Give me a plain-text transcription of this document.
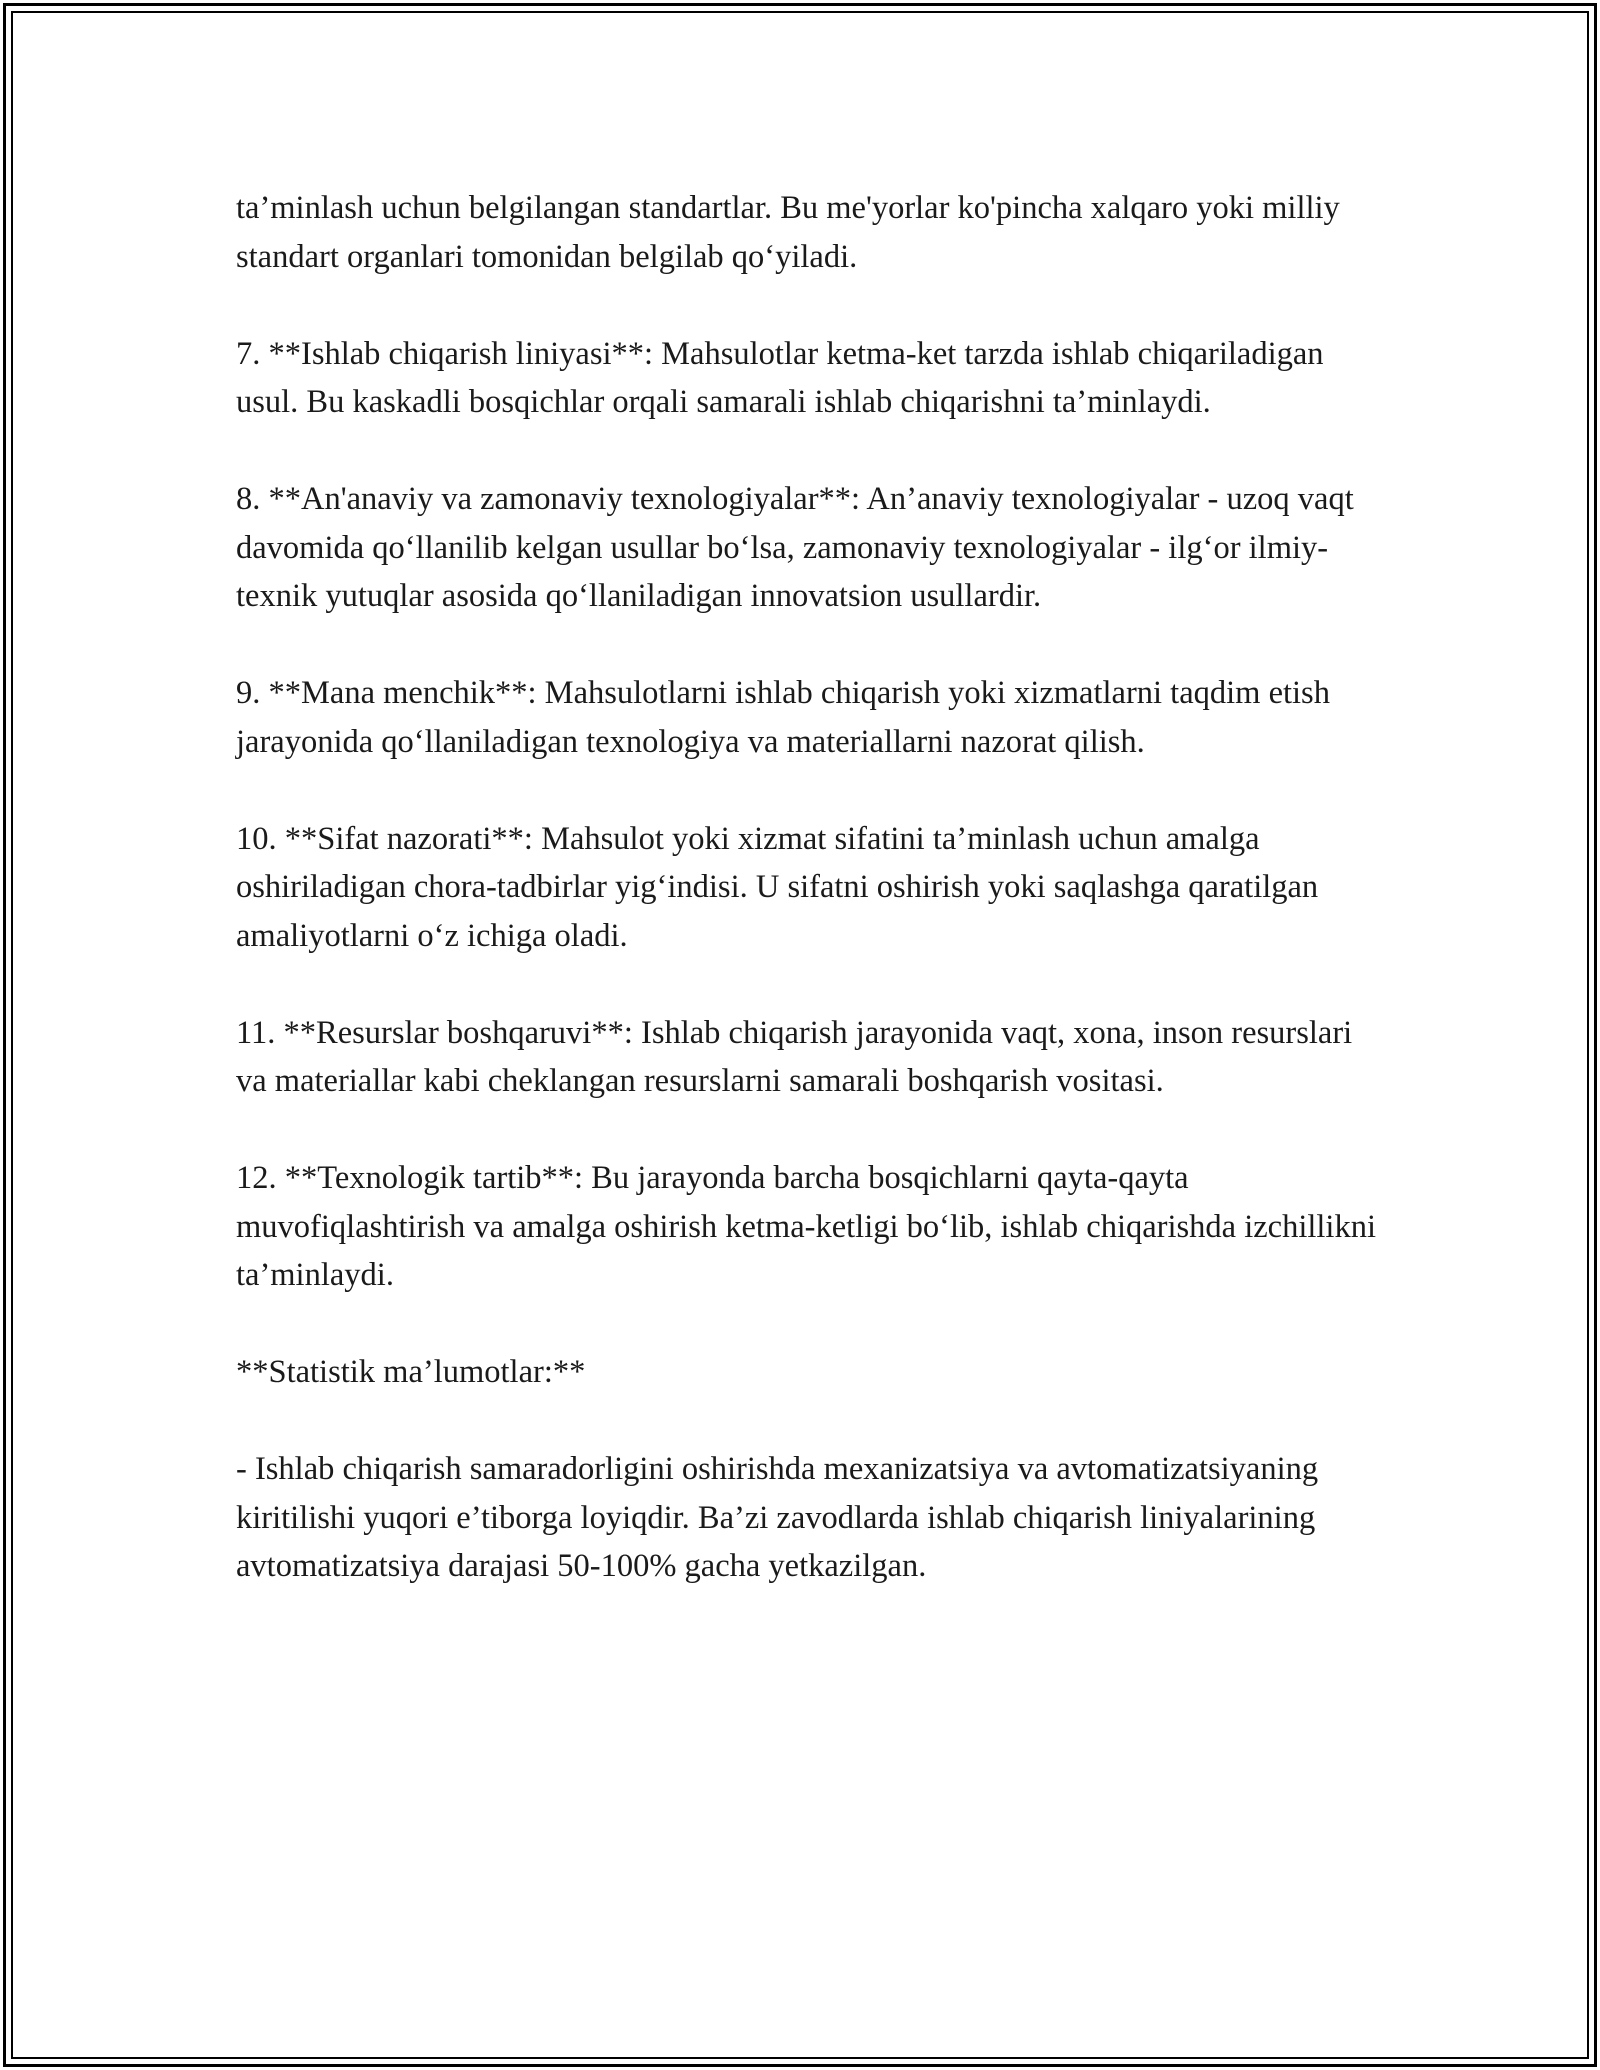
ta’minlash uchun belgilangan standartlar. Bu me'yorlar ko'pincha xalqaro yoki milliy standart organlari tomonidan belgilab qo‘yiladi.

7. **Ishlab chiqarish liniyasi**: Mahsulotlar ketma-ket tarzda ishlab chiqariladigan usul. Bu kaskadli bosqichlar orqali samarali ishlab chiqarishni ta’minlaydi.

8. **An'anaviy va zamonaviy texnologiyalar**: An’anaviy texnologiyalar - uzoq vaqt davomida qo‘llanilib kelgan usullar bo‘lsa, zamonaviy texnologiyalar - ilg‘or ilmiy-texnik yutuqlar asosida qo‘llaniladigan innovatsion usullardir.

9. **Mana menchik**: Mahsulotlarni ishlab chiqarish yoki xizmatlarni taqdim etish jarayonida qo‘llaniladigan texnologiya va materiallarni nazorat qilish.

10. **Sifat nazorati**: Mahsulot yoki xizmat sifatini ta’minlash uchun amalga oshiriladigan chora-tadbirlar yig‘indisi. U sifatni oshirish yoki saqlashga qaratilgan amaliyotlarni o‘z ichiga oladi.

11. **Resurslar boshqaruvi**: Ishlab chiqarish jarayonida vaqt, xona, inson resurslari va materiallar kabi cheklangan resurslarni samarali boshqarish vositasi.

12. **Texnologik tartib**: Bu jarayonda barcha bosqichlarni qayta-qayta muvofiqlashtirish va amalga oshirish ketma-ketligi bo‘lib, ishlab chiqarishda izchillikni ta’minlaydi.

**Statistik ma’lumotlar:**

- Ishlab chiqarish samaradorligini oshirishda mexanizatsiya va avtomatizatsiyaning kiritilishi yuqori e’tiborga loyiqdir. Ba’zi zavodlarda ishlab chiqarish liniyalarining avtomatizatsiya darajasi 50-100% gacha yetkazilgan.
